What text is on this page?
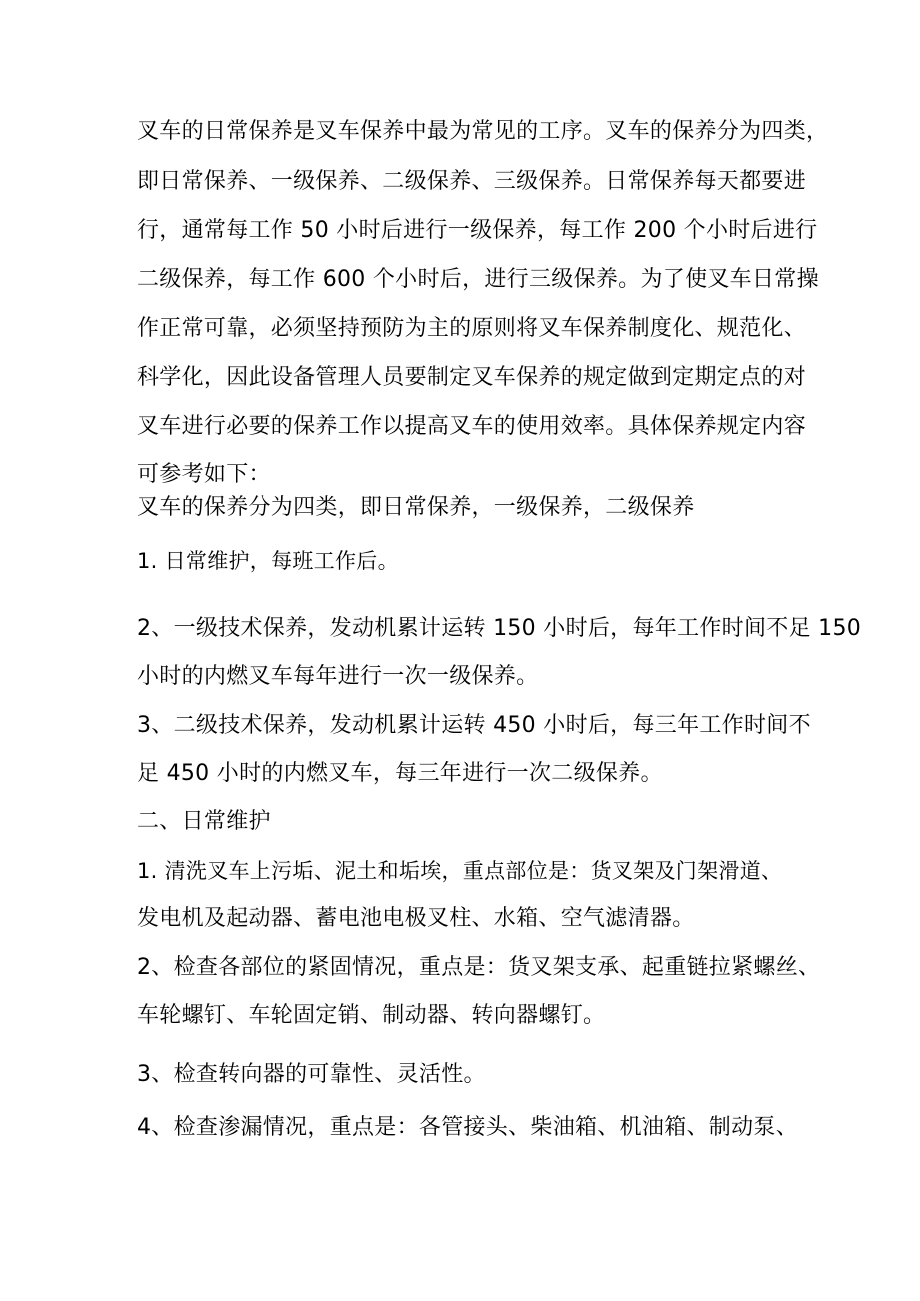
叉车的日常保养是叉车保养中最为常见的工序。叉车的保养分为四类，
即日常保养、一级保养、二级保养、三级保养。日常保养每天都要进
行，通常每工作 50 小时后进行一级保养，每工作 200 个小时后进行
二级保养，每工作 600 个小时后，进行三级保养。为了使叉车日常操
作正常可靠，必须坚持预防为主的原则将叉车保养制度化、规范化、
科学化，因此设备管理人员要制定叉车保养的规定做到定期定点的对
叉车进行必要的保养工作以提高叉车的使用效率。具体保养规定内容
可参考如下：
叉车的保养分为四类，即日常保养，一级保养，二级保养
1. 日常维护，每班工作后。
2、一级技术保养，发动机累计运转 150 小时后，每年工作时间不足 150
小时的内燃叉车每年进行一次一级保养。
3、二级技术保养，发动机累计运转 450 小时后，每三年工作时间不
足 450 小时的内燃叉车，每三年进行一次二级保养。
二、日常维护
1. 清洗叉车上污垢、泥土和垢埃，重点部位是：货叉架及门架滑道、
发电机及起动器、蓄电池电极叉柱、水箱、空气滤清器。
2、检查各部位的紧固情况，重点是：货叉架支承、起重链拉紧螺丝、
车轮螺钉、车轮固定销、制动器、转向器螺钉。
3、检查转向器的可靠性、灵活性。
4、检查渗漏情况，重点是：各管接头、柴油箱、机油箱、制动泵、
